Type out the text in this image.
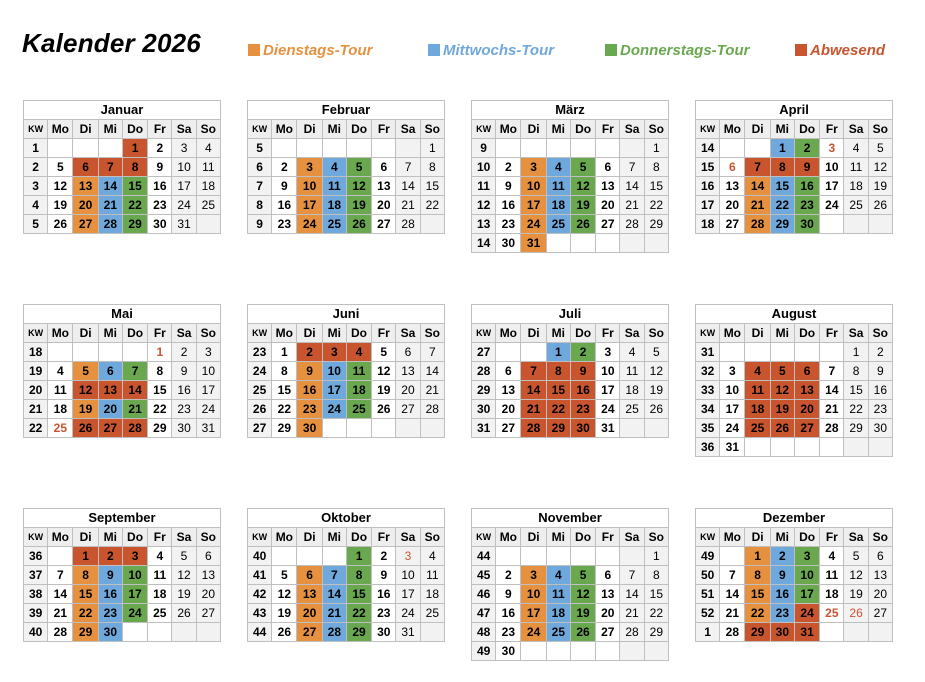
Kalender 2026	Dienstags-Tour	Mittwochs-Tour	Donnerstags-Tour	Abwesend
Januar							
KW	Mo	Di	Mi	Do	Fr	Sa	So
1				1	2	3	4
2	5	6	7	8	9	10	11
3	12	13	14	15	16	17	18
4	19	20	21	22	23	24	25
5	26	27	28	29	30	31	
Februar							
KW	Mo	Di	Mi	Do	Fr	Sa	So
5							1
6	2	3	4	5	6	7	8
7	9	10	11	12	13	14	15
8	16	17	18	19	20	21	22
9	23	24	25	26	27	28	
März							
KW	Mo	Di	Mi	Do	Fr	Sa	So
9							1
10	2	3	4	5	6	7	8
11	9	10	11	12	13	14	15
12	16	17	18	19	20	21	22
13	23	24	25	26	27	28	29
14	30	31					
April							
KW	Mo	Di	Mi	Do	Fr	Sa	So
14			1	2	3	4	5
15	6	7	8	9	10	11	12
16	13	14	15	16	17	18	19
17	20	21	22	23	24	25	26
18	27	28	29	30			
Mai							
KW	Mo	Di	Mi	Do	Fr	Sa	So
18					1	2	3
19	4	5	6	7	8	9	10
20	11	12	13	14	15	16	17
21	18	19	20	21	22	23	24
22	25	26	27	28	29	30	31
Juni							
KW	Mo	Di	Mi	Do	Fr	Sa	So
23	1	2	3	4	5	6	7
24	8	9	10	11	12	13	14
25	15	16	17	18	19	20	21
26	22	23	24	25	26	27	28
27	29	30					
Juli							
KW	Mo	Di	Mi	Do	Fr	Sa	So
27			1	2	3	4	5
28	6	7	8	9	10	11	12
29	13	14	15	16	17	18	19
30	20	21	22	23	24	25	26
31	27	28	29	30	31		
August							
KW	Mo	Di	Mi	Do	Fr	Sa	So
31						1	2
32	3	4	5	6	7	8	9
33	10	11	12	13	14	15	16
34	17	18	19	20	21	22	23
35	24	25	26	27	28	29	30
36	31						
September							
KW	Mo	Di	Mi	Do	Fr	Sa	So
36		1	2	3	4	5	6
37	7	8	9	10	11	12	13
38	14	15	16	17	18	19	20
39	21	22	23	24	25	26	27
40	28	29	30				
Oktober							
KW	Mo	Di	Mi	Do	Fr	Sa	So
40				1	2	3	4
41	5	6	7	8	9	10	11
42	12	13	14	15	16	17	18
43	19	20	21	22	23	24	25
44	26	27	28	29	30	31	
November							
KW	Mo	Di	Mi	Do	Fr	Sa	So
44							1
45	2	3	4	5	6	7	8
46	9	10	11	12	13	14	15
47	16	17	18	19	20	21	22
48	23	24	25	26	27	28	29
49	30						
Dezember							
KW	Mo	Di	Mi	Do	Fr	Sa	So
49		1	2	3	4	5	6
50	7	8	9	10	11	12	13
51	14	15	16	17	18	19	20
52	21	22	23	24	25	26	27
1	28	29	30	31			
